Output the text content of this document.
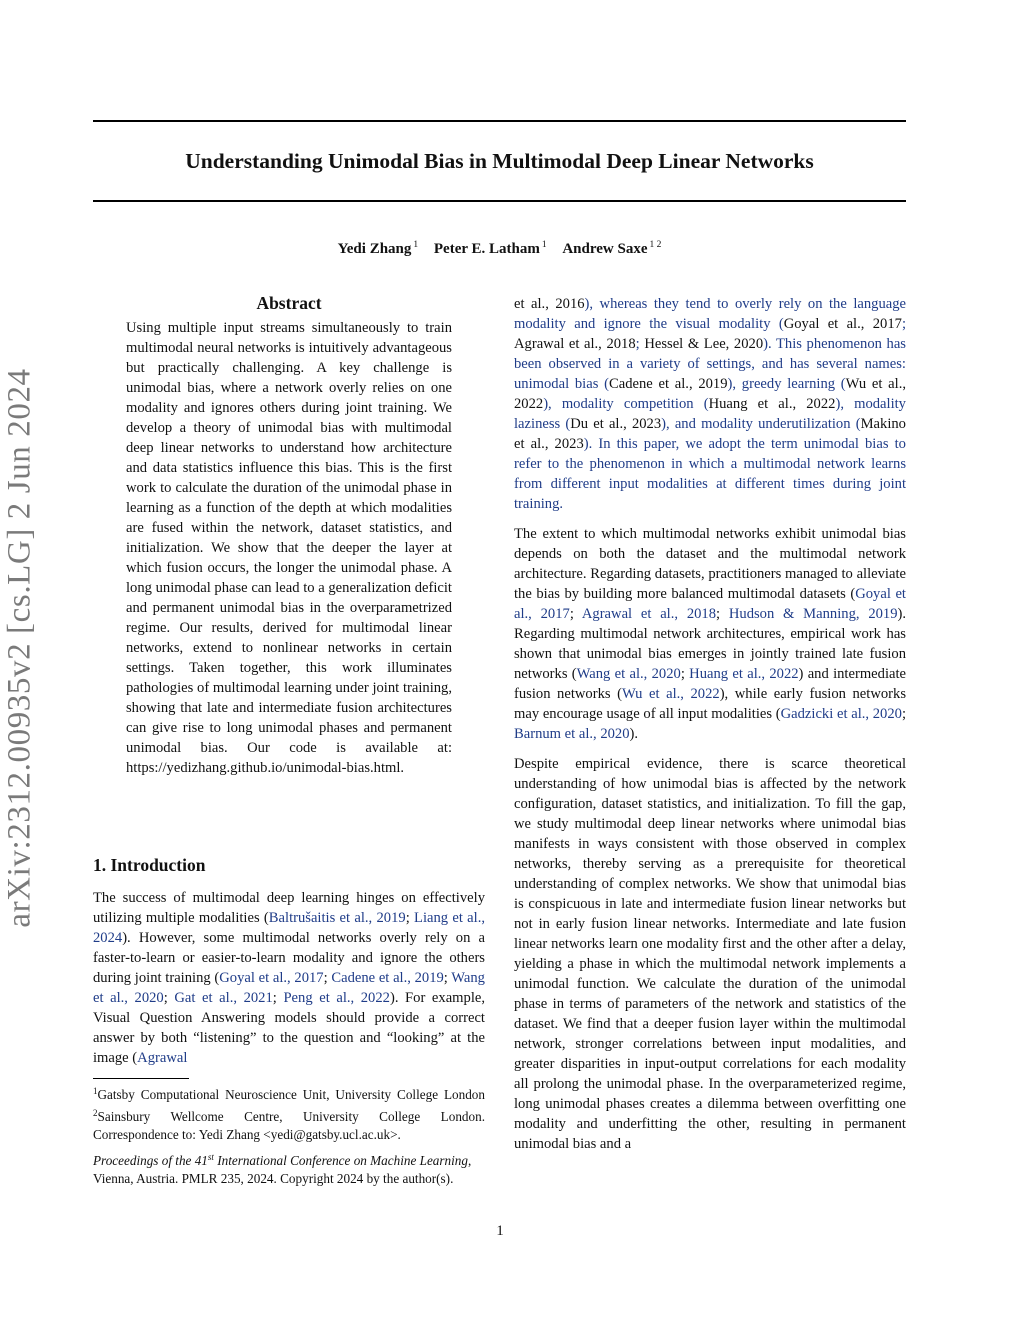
arXiv:2312.00935v2 [cs.LG] 2 Jun 2024
Understanding Unimodal Bias in Multimodal Deep Linear Networks
Yedi Zhang $^1$ Peter E. Latham $^1$ Andrew Saxe $^{1 2}$
Abstract

Using multiple input streams simultaneously to train multimodal neural networks is intuitively advantageous but practically challenging. A key challenge is unimodal bias, where a network overly relies on one modality and ignores others during joint training. We develop a theory of unimodal bias with multimodal deep linear networks to understand how architecture and data statistics influence this bias. This is the first work to calculate the duration of the unimodal phase in learning as a function of the depth at which modalities are fused within the network, dataset statistics, and initialization. We show that the deeper the layer at which fusion occurs, the longer the unimodal phase. A long unimodal phase can lead to a generalization deficit and permanent unimodal bias in the overparametrized regime. Our results, derived for multimodal linear networks, extend to nonlinear networks in certain settings. Taken together, this work illuminates pathologies of multimodal learning under joint training, showing that late and intermediate fusion architectures can give rise to long unimodal phases and permanent unimodal bias. Our code is available at: https://yedizhang.github.io/unimodal-bias.html.

1. Introduction

The success of multimodal deep learning hinges on effectively utilizing multiple modalities (Baltrušaitis et al., 2019; Liang et al., 2024). However, some multimodal networks overly rely on a faster-to-learn or easier-to-learn modality and ignore the others during joint training (Goyal et al., 2017; Cadene et al., 2019; Wang et al., 2020; Gat et al., 2021; Peng et al., 2022). For example, Visual Question Answering models should provide a correct answer by both “listening” to the question and “looking” at the image (Agrawal

$^1$Gatsby Computational Neuroscience Unit, University College London $^2$Sainsbury Wellcome Centre, University College London. Correspondence to: Yedi Zhang <yedi@gatsby.ucl.ac.uk>.
Proceedings of the 41st International Conference on Machine Learning, Vienna, Austria. PMLR 235, 2024. Copyright 2024 by the author(s).

et al., 2016), whereas they tend to overly rely on the language modality and ignore the visual modality (Goyal et al., 2017; Agrawal et al., 2018; Hessel & Lee, 2020). This phenomenon has been observed in a variety of settings, and has several names: unimodal bias (Cadene et al., 2019), greedy learning (Wu et al., 2022), modality competition (Huang et al., 2022), modality laziness (Du et al., 2023), and modality underutilization (Makino et al., 2023). In this paper, we adopt the term unimodal bias to refer to the phenomenon in which a multimodal network learns from different input modalities at different times during joint training.

The extent to which multimodal networks exhibit unimodal bias depends on both the dataset and the multimodal network architecture. Regarding datasets, practitioners managed to alleviate the bias by building more balanced multimodal datasets (Goyal et al., 2017; Agrawal et al., 2018; Hudson & Manning, 2019). Regarding multimodal network architectures, empirical work has shown that unimodal bias emerges in jointly trained late fusion networks (Wang et al., 2020; Huang et al., 2022) and intermediate fusion networks (Wu et al., 2022), while early fusion networks may encourage usage of all input modalities (Gadzicki et al., 2020; Barnum et al., 2020).

Despite empirical evidence, there is scarce theoretical understanding of how unimodal bias is affected by the network configuration, dataset statistics, and initialization. To fill the gap, we study multimodal deep linear networks where unimodal bias manifests in ways consistent with those observed in complex networks, thereby serving as a prerequisite for theoretical understanding of complex networks. We show that unimodal bias is conspicuous in late and intermediate fusion linear networks but not in early fusion linear networks. Intermediate and late fusion linear networks learn one modality first and the other after a delay, yielding a phase in which the multimodal network implements a unimodal function. We calculate the duration of the unimodal phase in terms of parameters of the network and statistics of the dataset. We find that a deeper fusion layer within the multimodal network, stronger correlations between input modalities, and greater disparities in input-output correlations for each modality all prolong the unimodal phase. In the overparameterized regime, long unimodal phases creates a dilemma between overfitting one modality and underfitting the other, resulting in permanent unimodal bias and a

1
